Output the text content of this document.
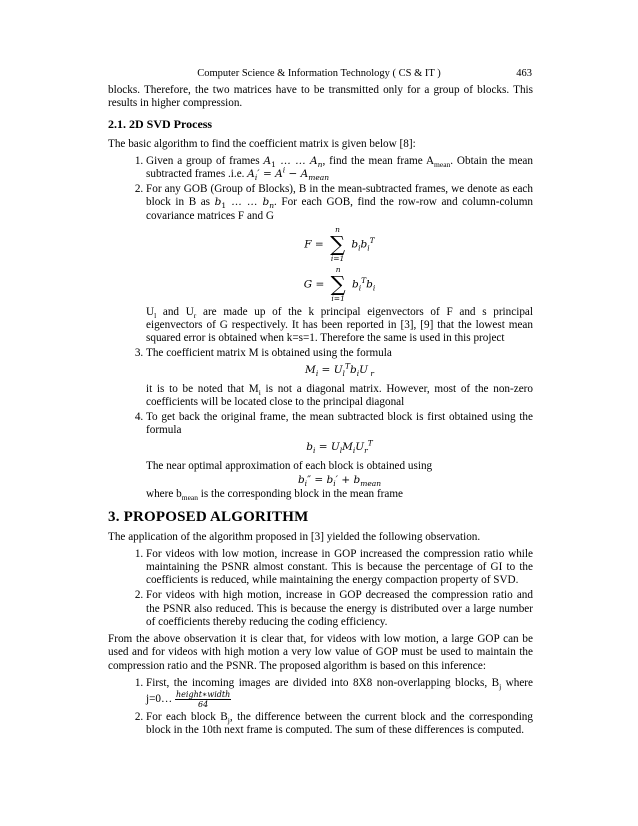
Computer Science & Information Technology ( CS & IT )	463

blocks. Therefore, the two matrices have to be transmitted only for a group of blocks. This results in higher compression.

2.1. 2D SVD Process

The basic algorithm to find the coefficient matrix is given below [8]:

1. Given a group of frames $A_1$ … … $A_n$, find the mean frame $A_{mean}$. Obtain the mean subtracted frames .i.e. $A_i' = A^i - A_{mean}$
2. For any GOB (Group of Blocks), B in the mean-subtracted frames, we denote as each block in B as $b_1$ … … $b_n$. For each GOB, find the row-row and column-column covariance matrices F and G
F =
n
∑
i=1
$b_ib_i^T$
G =
n
∑
i=1
$b_i^Tb_i$

$U_l$ and $U_r$ are made up of the k principal eigenvectors of F and s principal eigenvectors of G respectively. It has been reported in [3], [9] that the lowest mean squared error is obtained when k=s=1. Therefore the same is used in this project

3. The coefficient matrix M is obtained using the formula
$M_i = U_l^Tb_iU$ $_r$

it is to be noted that $M_i$ is not a diagonal matrix. However, most of the non-zero coefficients will be located close to the principal diagonal

4. To get back the original frame, the mean subtracted block is first obtained using the formula
$b_i = U_lM_iU_r^T$

The near optimal approximation of each block is obtained using

$b_i'' = b_i' + b_{mean}$

where $b_{mean}$ is the corresponding block in the mean frame

3. PROPOSED ALGORITHM

The application of the algorithm proposed in [3] yielded the following observation.

1. For videos with low motion, increase in GOP increased the compression ratio while maintaining the PSNR almost constant. This is because the percentage of GI to the coefficients is reduced, while maintaining the energy compaction property of SVD.
2. For videos with high motion, increase in GOP decreased the compression ratio and the PSNR also reduced. This is because the energy is distributed over a large number of coefficients thereby reducing the coding efficiency.

From the above observation it is clear that, for videos with low motion, a large GOP can be used and for videos with high motion a very low value of GOP must be used to maintain the compression ratio and the PSNR. The proposed algorithm is based on this inference:

1. First, the incoming images are divided into 8X8 non-overlapping blocks, $B_j$ where j=0… $\frac{\text{height∗width}}{64}$
2. For each block $B_j$, the difference between the current block and the corresponding block in the 10th next frame is computed. The sum of these differences is computed.
